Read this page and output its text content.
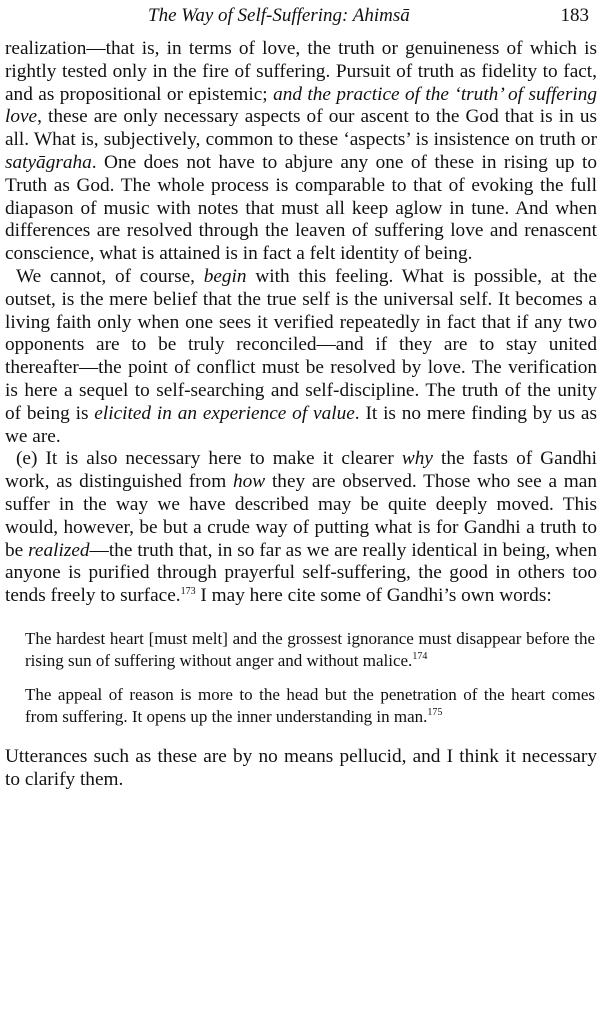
The Way of Self-Suffering: Ahimsā	183

realization—that is, in terms of love, the truth or genuineness of which is rightly tested only in the fire of suffering. Pursuit of truth as fidelity to fact, and as propositional or epistemic; and the practice of the ‘truth’ of suffering love, these are only necessary aspects of our ascent to the God that is in us all. What is, subjectively, common to these ‘aspects’ is insistence on truth or satyāgraha. One does not have to abjure any one of these in rising up to Truth as God. The whole process is comparable to that of evoking the full diapason of music with notes that must all keep aglow in tune. And when differences are resolved through the leaven of suffering love and renascent conscience, what is attained is in fact a felt identity of being.

We cannot, of course, begin with this feeling. What is possible, at the outset, is the mere belief that the true self is the universal self. It becomes a living faith only when one sees it verified repeatedly in fact that if any two opponents are to be truly reconciled—and if they are to stay united thereafter—the point of conflict must be resolved by love. The verification is here a sequel to self-searching and self-discipline. The truth of the unity of being is elicited in an experience of value. It is no mere finding by us as we are.

(e) It is also necessary here to make it clearer why the fasts of Gandhi work, as distinguished from how they are observed. Those who see a man suffer in the way we have described may be quite deeply moved. This would, however, be but a crude way of putting what is for Gandhi a truth to be realized—the truth that, in so far as we are really identical in being, when anyone is purified through prayerful self-suffering, the good in others too tends freely to surface.$^{173}$ I may here cite some of Gandhi’s own words:

The hardest heart [must melt] and the grossest ignorance must disappear before the rising sun of suffering without anger and without malice.$^{174}$

The appeal of reason is more to the head but the penetration of the heart comes from suffering. It opens up the inner understanding in man.$^{175}$

Utterances such as these are by no means pellucid, and I think it necessary to clarify them.
